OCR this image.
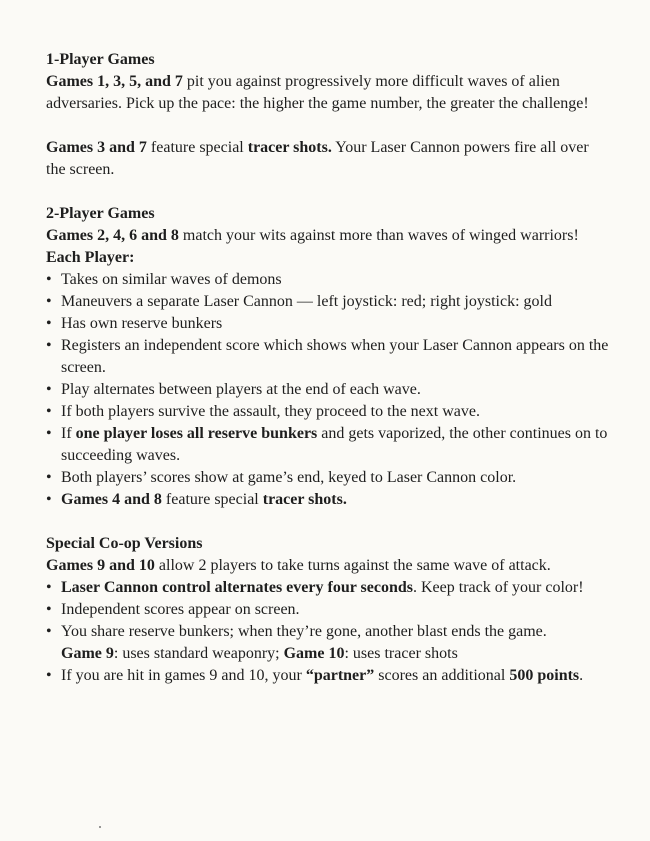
1-Player Games

Games 1, 3, 5, and 7 pit you against progressively more difficult waves of alien adversaries. Pick up the pace: the higher the game number, the greater the challenge!

Games 3 and 7 feature special tracer shots. Your Laser Cannon powers fire all over the screen.

2-Player Games

Games 2, 4, 6 and 8 match your wits against more than waves of winged warriors!

Each Player:

• Takes on similar waves of demons
• Maneuvers a separate Laser Cannon — left joystick: red; right joystick: gold
• Has own reserve bunkers
• Registers an independent score which shows when your Laser Cannon appears on the screen.
• Play alternates between players at the end of each wave.
• If both players survive the assault, they proceed to the next wave.
• If one player loses all reserve bunkers and gets vaporized, the other continues on to succeeding waves.
• Both players’ scores show at game’s end, keyed to Laser Cannon color.
• Games 4 and 8 feature special tracer shots.

Special Co-op Versions

Games 9 and 10 allow 2 players to take turns against the same wave of attack.

• Laser Cannon control alternates every four seconds. Keep track of your color!
• Independent scores appear on screen.
• You share reserve bunkers; when they’re gone, another blast ends the game.
Game 9: uses standard weaponry; Game 10: uses tracer shots
• If you are hit in games 9 and 10, your “partner” scores an additional 500 points.
